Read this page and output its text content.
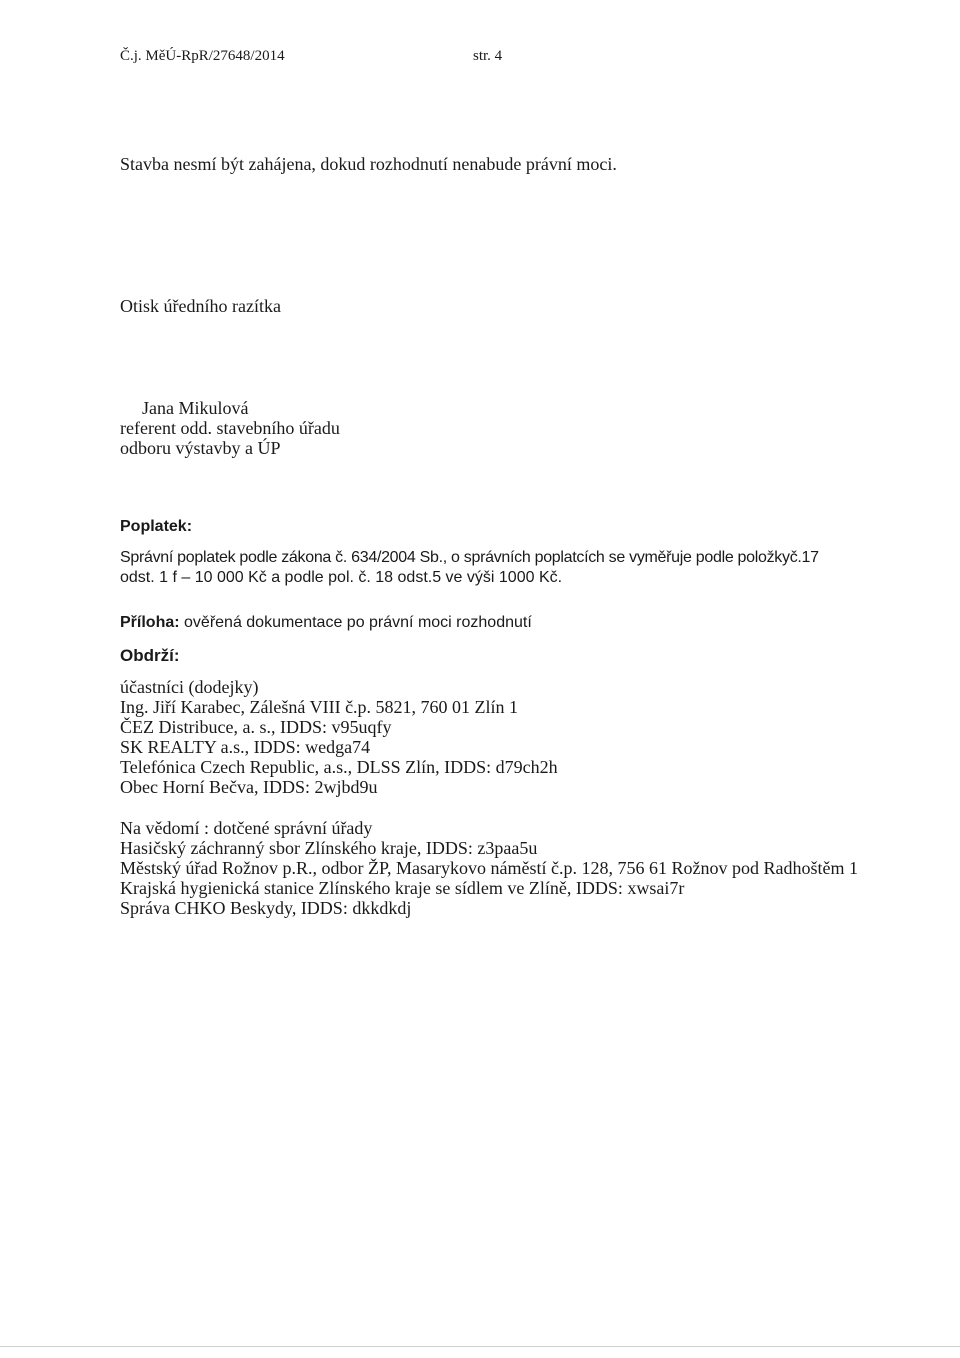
Č.j. MěÚ-RpR/27648/2014	str. 4
Stavba nesmí být zahájena, dokud rozhodnutí nenabude právní moci.
Otisk úředního razítka
Jana Mikulová
referent odd. stavebního úřadu
odboru výstavby a ÚP
Poplatek:
Správní poplatek podle zákona č. 634/2004 Sb., o správních poplatcích se vyměřuje podle položkyč.17
odst. 1 f – 10 000 Kč a podle pol. č. 18 odst.5 ve výši 1000 Kč.
Příloha: ověřená dokumentace po právní moci rozhodnutí
Obdrží:
účastníci (dodejky)
Ing. Jiří Karabec, Zálešná VIII č.p. 5821, 760 01 Zlín 1
ČEZ Distribuce, a. s., IDDS: v95uqfy
SK REALTY a.s., IDDS: wedga74
Telefónica Czech Republic, a.s., DLSS Zlín, IDDS: d79ch2h
Obec Horní Bečva, IDDS: 2wjbd9u
Na vědomí : dotčené správní úřady
Hasičský záchranný sbor Zlínského kraje, IDDS: z3paa5u
Městský úřad Rožnov p.R., odbor ŽP, Masarykovo náměstí č.p. 128, 756 61 Rožnov pod Radhoštěm 1
Krajská hygienická stanice Zlínského kraje se sídlem ve Zlíně, IDDS: xwsai7r
Správa CHKO Beskydy, IDDS: dkkdkdj
